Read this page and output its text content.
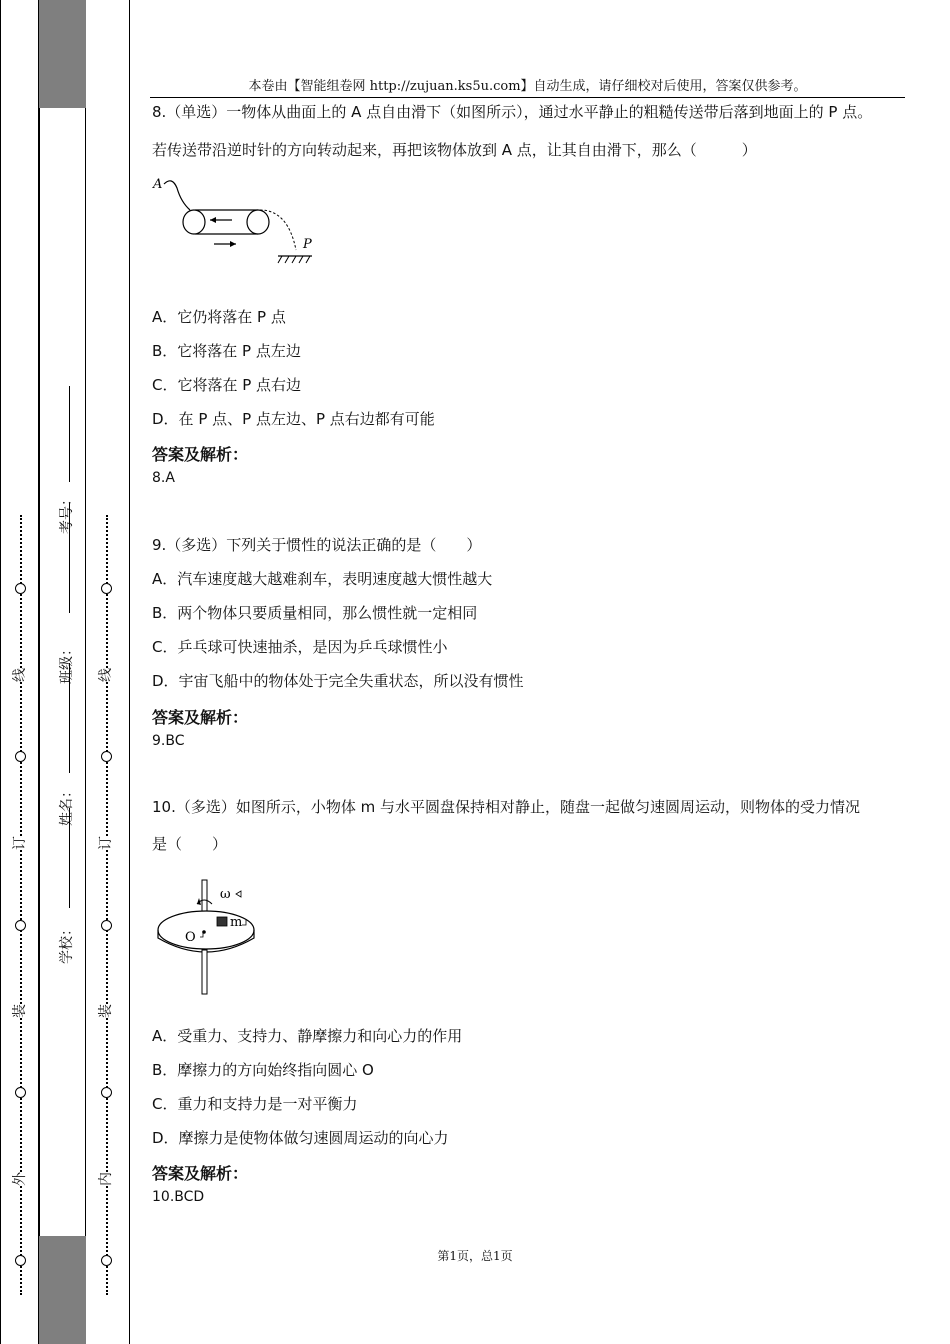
线
订
装
外
考号：
班级：
姓名：
学校：
线
订
装
内
本卷由【智能组卷网 http://zujuan.ks5u.com】自动生成，请仔细校对后使用，答案仅供参考。
8.（单选）一物体从曲面上的 A 点自由滑下（如图所示），通过水平静止的粗糙传送带后落到地面上的 P 点。
若传送带沿逆时针的方向转动起来，再把该物体放到 A 点，让其自由滑下，那么（　　　）
A
P
A．它仍将落在 P 点
B．它将落在 P 点左边
C．它将落在 P 点右边
D．在 P 点、P 点左边、P 点右边都有可能
答案及解析：
8.A
9.（多选）下列关于惯性的说法正确的是（　　）
A．汽车速度越大越难刹车，表明速度越大惯性越大
B．两个物体只要质量相同，那么惯性就一定相同
C．乒乓球可快速抽杀，是因为乒乓球惯性小
D．宇宙飞船中的物体处于完全失重状态，所以没有惯性
答案及解析：
9.BC
10.（多选）如图所示，小物体 m 与水平圆盘保持相对静止，随盘一起做匀速圆周运动，则物体的受力情况
是（　　）
ω
O
m
A．受重力、支持力、静摩擦力和向心力的作用
B．摩擦力的方向始终指向圆心 O
C．重力和支持力是一对平衡力
D．摩擦力是使物体做匀速圆周运动的向心力
答案及解析：
10.BCD
第1页，总1页
